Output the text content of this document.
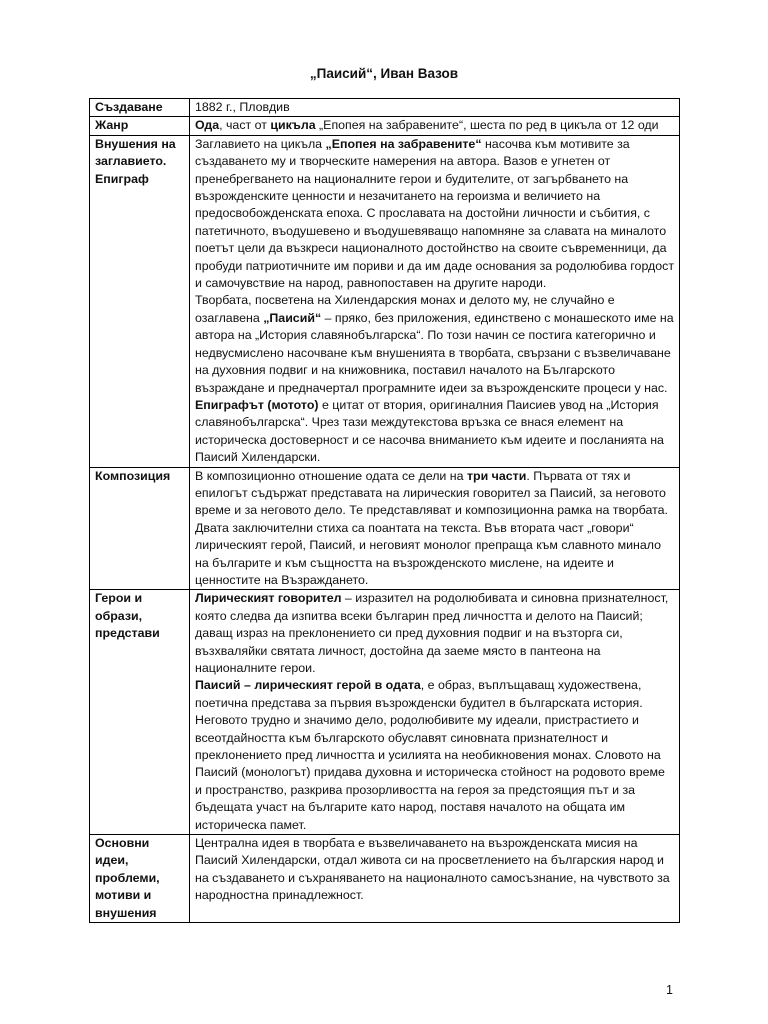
„Паисий“, Иван Вазов
Създаване	1882 г., Пловдив

Жанр	Ода, част от цикъла „Епопея на забравените“, шеста по ред в цикъла от 12 оди

Внушения на заглавието. Епиграф	Заглавието на цикъла „Епопея на забравените“ насочва към мотивите за създаването му и творческите намерения на автора. Вазов е угнетен от пренебрегването на националните герои и будителите, от загърбването на възрожденските ценности и незачитането на героизма и величието на предосвобожденската епоха. С прославата на достойни личности и събития, с патетичното, въодушевено и въодушевяващо напомняне за славата на миналото поетът цели да възкреси националното достойнство на своите съвременници, да пробуди патриотичните им пориви и да им даде основания за родолюбива гордост и самочувствие на народ, равнопоставен на другите народи.
Творбата, посветена на Хилендарския монах и делото му, не случайно е озаглавена „Паисий“ – пряко, без приложения, единствено с монашеското име на автора на „История славянобългарска“. По този начин се постига категорично и недвусмислено насочване към внушенията в творбата, свързани с възвеличаване на духовния подвиг и на книжовника, поставил началото на Българското възраждане и предначертал програмните идеи за възрожденските процеси у нас.
Епиграфът (мотото) е цитат от втория, оригиналния Паисиев увод на „История славянобългарска“. Чрез тази междутекстова връзка се внася елемент на историческа достоверност и се насочва вниманието към идеите и посланията на Паисий Хилендарски.

Композиция	В композиционно отношение одата се дели на три части. Първата от тях и епилогът съдържат представата на лирическия говорител за Паисий, за неговото време и за неговото дело. Те представляват и композиционна рамка на творбата. Двата заключителни стиха са поантата на текста. Във втората част „говори“ лирическият герой, Паисий, и неговият монолог препраща към славното минало на българите и към същността на възрожденското мислене, на идеите и ценностите на Възраждането.

Герои и образи, представи	Лирическият говорител – изразител на родолюбивата и синовна признателност, която следва да изпитва всеки българин пред личността и делото на Паисий; даващ израз на преклонението си пред духовния подвиг и на възторга си, възхваляйки святата личност, достойна да заеме място в пантеона на националните герои.
Паисий – лирическият герой в одата, е образ, въплъщаващ художествена, поетична представа за първия възрожденски будител в българската история. Неговото трудно и значимо дело, родолюбивите му идеали, пристрастието и всеотдайността към българското обуславят синовната признателност и преклонението пред личността и усилията на необикновения монах. Словото на Паисий (монологът) придава духовна и историческа стойност на родовото време и пространство, разкрива прозорливостта на героя за предстоящия път и за бъдещата участ на българите като народ, поставя началото на общата им историческа памет.

Основни идеи, проблеми, мотиви и внушения	Централна идея в творбата е възвеличаването на възрожденската мисия на Паисий Хилендарски, отдал живота си на просветлението на българския народ и на създаването и съхраняването на националното самосъзнание, на чувството за народностна принадлежност.
1
